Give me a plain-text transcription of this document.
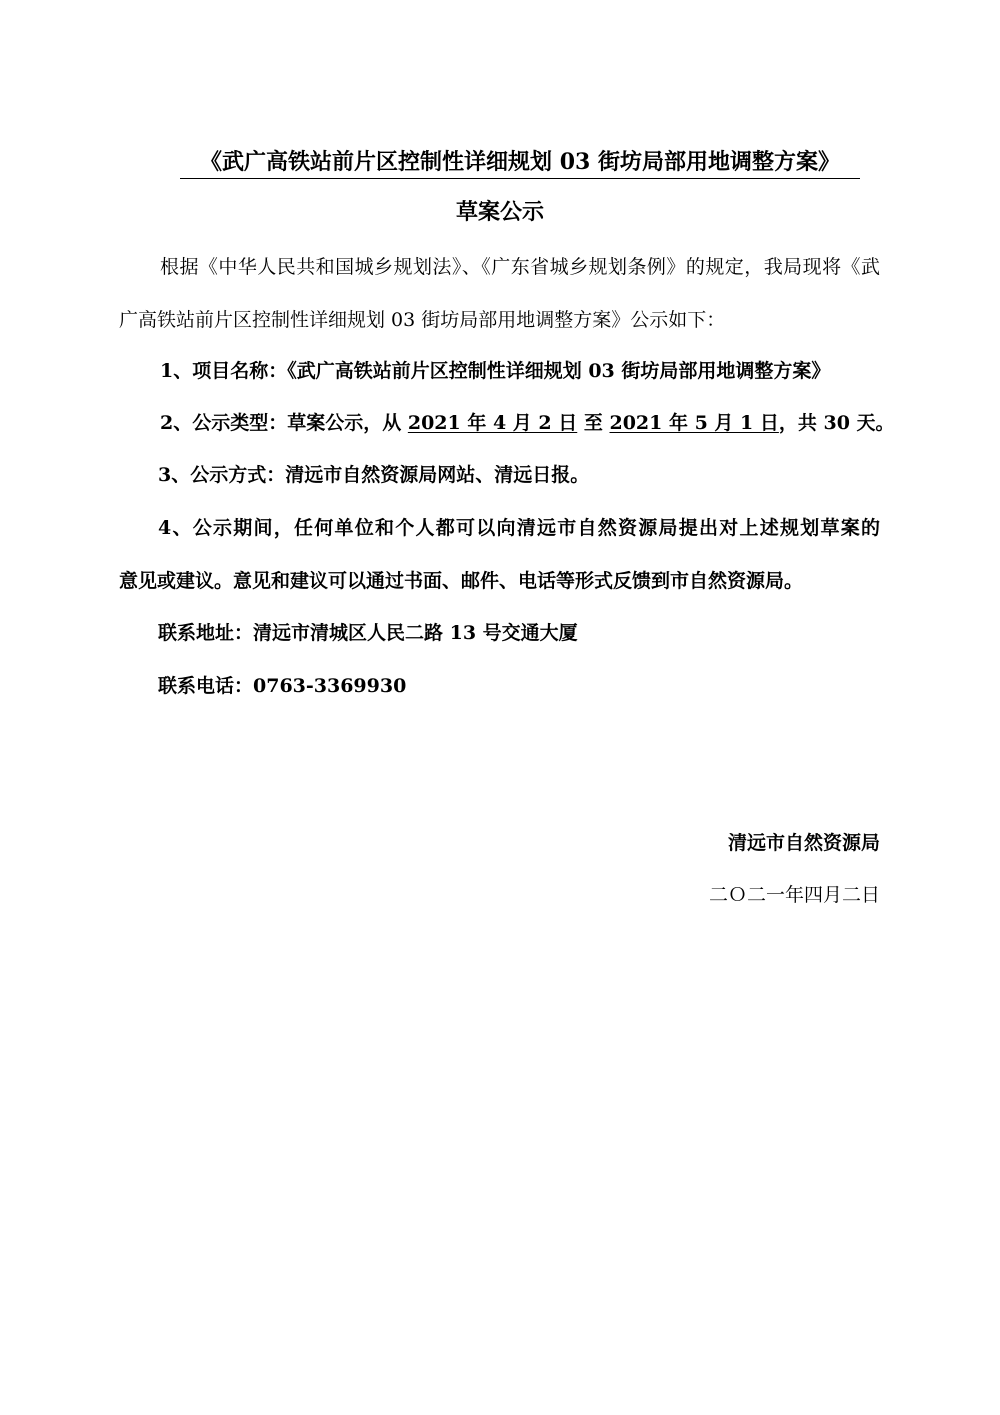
《武广高铁站前片区控制性详细规划 03 街坊局部用地调整方案》
草案公示
根据《中华人民共和国城乡规划法》、《广东省城乡规划条例》的规定，我局现将《武
广高铁站前片区控制性详细规划 03 街坊局部用地调整方案》公示如下：
1、项目名称：《武广高铁站前片区控制性详细规划 03 街坊局部用地调整方案》
2、公示类型：草案公示，从 2021 年 4 月 2 日 至 2021 年 5 月 1 日，共 30 天。
3、公示方式：清远市自然资源局网站、清远日报。
4、公示期间，任何单位和个人都可以向清远市自然资源局提出对上述规划草案的
意见或建议。意见和建议可以通过书面、邮件、电话等形式反馈到市自然资源局。
联系地址：清远市清城区人民二路 13 号交通大厦
联系电话：0763-3369930
清远市自然资源局
二Ｏ二一年四月二日
